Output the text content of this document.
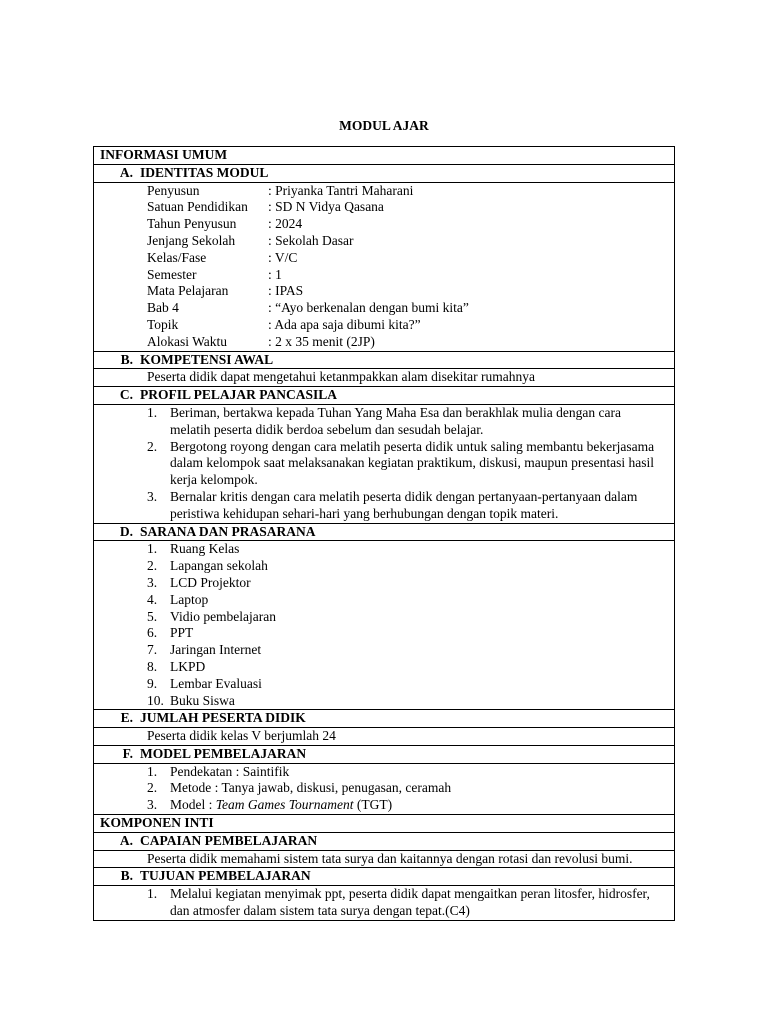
MODUL AJAR
INFORMASI UMUM

A. IDENTITAS MODUL

Penyusun	: Priyanka Tantri Maharani
Satuan Pendidikan	: SD N Vidya Qasana
Tahun Penyusun	: 2024
Jenjang Sekolah	: Sekolah Dasar
Kelas/Fase	: V/C
Semester	: 1
Mata Pelajaran	: IPAS
Bab 4	: “Ayo berkenalan dengan bumi kita”
Topik	: Ada apa saja dibumi kita?”
Alokasi Waktu	: 2 x 35 menit (2JP)

B. KOMPETENSI AWAL

Peserta didik dapat mengetahui ketanmpakkan alam disekitar rumahnya

C. PROFIL PELAJAR PANCASILA

1. Beriman, bertakwa kepada Tuhan Yang Maha Esa dan berakhlak mulia dengan cara melatih peserta didik berdoa sebelum dan sesudah belajar.
2. Bergotong royong dengan cara melatih peserta didik untuk saling membantu bekerjasama dalam kelompok saat melaksanakan kegiatan praktikum, diskusi, maupun presentasi hasil kerja kelompok.
3. Bernalar kritis dengan cara melatih peserta didik dengan pertanyaan-pertanyaan dalam peristiwa kehidupan sehari-hari yang berhubungan dengan topik materi.

D. SARANA DAN PRASARANA

1. Ruang Kelas
2. Lapangan sekolah
3. LCD Projektor
4. Laptop
5. Vidio pembelajaran
6. PPT
7. Jaringan Internet
8. LKPD
9. Lembar Evaluasi
10. Buku Siswa

E. JUMLAH PESERTA DIDIK

Peserta didik kelas V berjumlah 24

F. MODEL PEMBELAJARAN

1. Pendekatan : Saintifik
2. Metode : Tanya jawab, diskusi, penugasan, ceramah
3. Model : Team Games Tournament (TGT)

KOMPONEN INTI

A. CAPAIAN PEMBELAJARAN

Peserta didik memahami sistem tata surya dan kaitannya dengan rotasi dan revolusi bumi.

B. TUJUAN PEMBELAJARAN

1. Melalui kegiatan menyimak ppt, peserta didik dapat mengaitkan peran litosfer, hidrosfer, dan atmosfer dalam sistem tata surya dengan tepat.(C4)
